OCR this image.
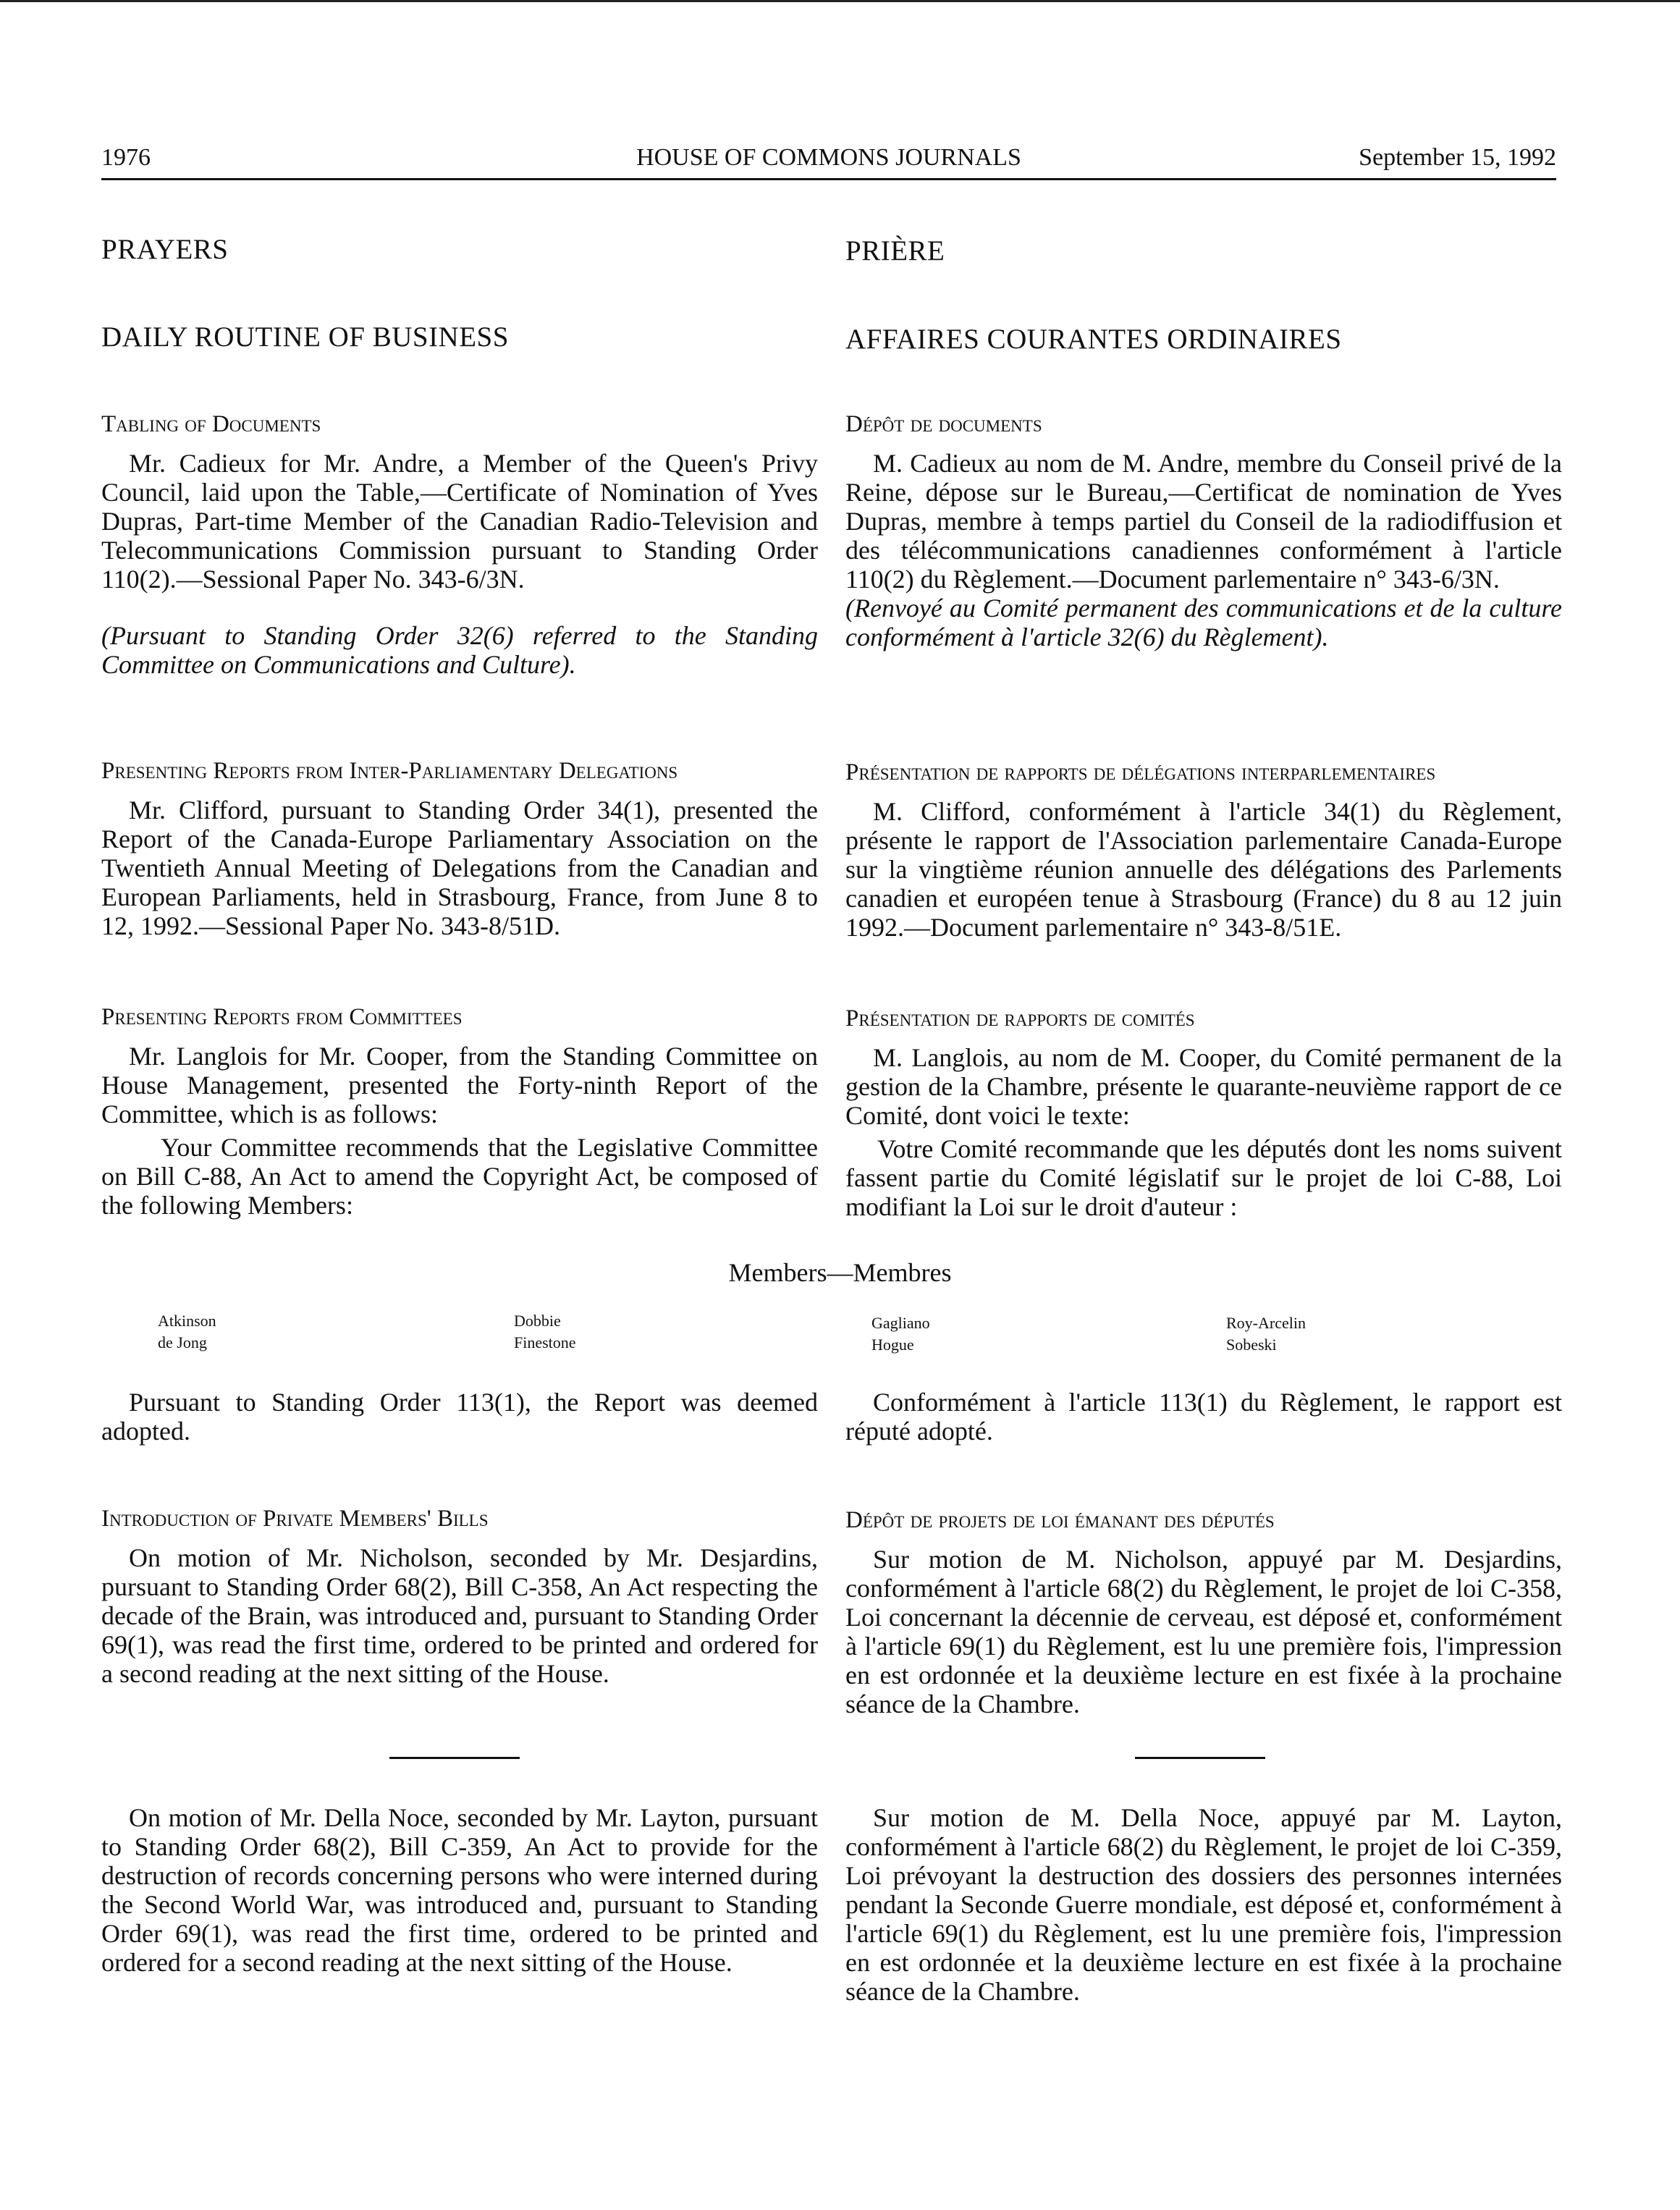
1976	HOUSE OF COMMONS JOURNALS	September 15, 1992

PRAYERS

DAILY ROUTINE OF BUSINESS

Tabling of Documents

Mr. Cadieux for Mr. Andre, a Member of the Queen's Privy Council, laid upon the Table,—Certificate of Nomination of Yves Dupras, Part-time Member of the Canadian Radio-Television and Telecommunications Commission pursuant to Standing Order 110(2).—Sessional Paper No. 343-6/3N.

(Pursuant to Standing Order 32(6) referred to the Standing Committee on Communications and Culture).

Presenting Reports from Inter-Parliamentary Delegations

Mr. Clifford, pursuant to Standing Order 34(1), presented the Report of the Canada-Europe Parliamentary Association on the Twentieth Annual Meeting of Delegations from the Canadian and European Parliaments, held in Strasbourg, France, from June 8 to 12, 1992.—Sessional Paper No. 343-8/51D.

Presenting Reports from Committees

Mr. Langlois for Mr. Cooper, from the Standing Committee on House Management, presented the Forty-ninth Report of the Committee, which is as follows:

Your Committee recommends that the Legislative Committee on Bill C-88, An Act to amend the Copyright Act, be composed of the following Members:

PRIÈRE

AFFAIRES COURANTES ORDINAIRES

Dépôt de documents

M. Cadieux au nom de M. Andre, membre du Conseil privé de la Reine, dépose sur le Bureau,—Certificat de nomination de Yves Dupras, membre à temps partiel du Conseil de la radiodiffusion et des télécommunications canadiennes conformément à l'article 110(2) du Règlement.—Document parlementaire n° 343-6/3N.

(Renvoyé au Comité permanent des communications et de la culture conformément à l'article 32(6) du Règlement).

Présentation de rapports de délégations interparlementaires

M. Clifford, conformément à l'article 34(1) du Règlement, présente le rapport de l'Association parlementaire Canada-Europe sur la vingtième réunion annuelle des délégations des Parlements canadien et européen tenue à Strasbourg (France) du 8 au 12 juin 1992.—Document parlementaire n° 343-8/51E.

Présentation de rapports de comités

M. Langlois, au nom de M. Cooper, du Comité permanent de la gestion de la Chambre, présente le quarante-neuvième rapport de ce Comité, dont voici le texte:

Votre Comité recommande que les députés dont les noms suivent fassent partie du Comité législatif sur le projet de loi C-88, Loi modifiant la Loi sur le droit d'auteur :

Members—Membres
Atkinson
de Jong
Dobbie
Finestone
Gagliano
Hogue
Roy-Arcelin
Sobeski

Pursuant to Standing Order 113(1), the Report was deemed adopted.

Conformément à l'article 113(1) du Règlement, le rapport est réputé adopté.

Introduction of Private Members' Bills

On motion of Mr. Nicholson, seconded by Mr. Desjardins, pursuant to Standing Order 68(2), Bill C-358, An Act respecting the decade of the Brain, was introduced and, pursuant to Standing Order 69(1), was read the first time, ordered to be printed and ordered for a second reading at the next sitting of the House.

Dépôt de projets de loi émanant des députés

Sur motion de M. Nicholson, appuyé par M. Desjardins, conformément à l'article 68(2) du Règlement, le projet de loi C-358, Loi concernant la décennie de cerveau, est déposé et, conformément à l'article 69(1) du Règlement, est lu une première fois, l'impression en est ordonnée et la deuxième lecture en est fixée à la prochaine séance de la Chambre.

On motion of Mr. Della Noce, seconded by Mr. Layton, pursuant to Standing Order 68(2), Bill C-359, An Act to provide for the destruction of records concerning persons who were interned during the Second World War, was introduced and, pursuant to Standing Order 69(1), was read the first time, ordered to be printed and ordered for a second reading at the next sitting of the House.

Sur motion de M. Della Noce, appuyé par M. Layton, conformément à l'article 68(2) du Règlement, le projet de loi C-359, Loi prévoyant la destruction des dossiers des personnes internées pendant la Seconde Guerre mondiale, est déposé et, conformément à l'article 69(1) du Règlement, est lu une première fois, l'impression en est ordonnée et la deuxième lecture en est fixée à la prochaine séance de la Chambre.
